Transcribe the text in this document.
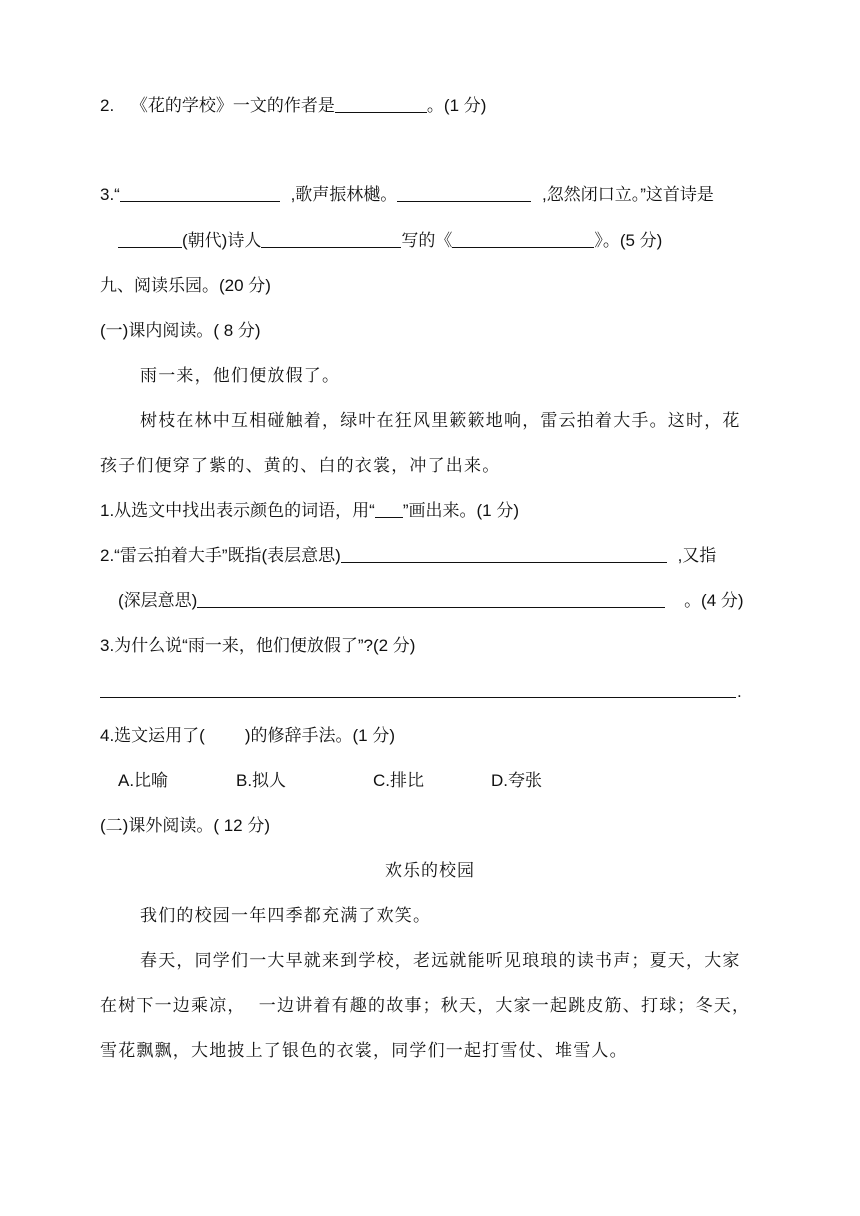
2. 《花的学校》一文的作者是	。(1 分)
3.“	,歌声振林樾。	,忽然闭口立。”这首诗是
(朝代)诗人	写的《	》。(5 分)
九、阅读乐园。(20 分)
(一)课内阅读。( 8 分)
雨一来，他们便放假了。
树枝在林中互相碰触着，绿叶在狂风里簌簌地响，雷云拍着大手。这时，花
孩子们便穿了紫的、黄的、白的衣裳，冲了出来。
1.从选文中找出表示颜色的词语，用“ ”画出来。(1 分)
2.“雷云拍着大手”既指(表层意思)	,又指
(深层意思)	。(4 分)
3.为什么说“雨一来，他们便放假了”?(2 分)
.
4.选文运用了( )的修辞手法。(1 分)
A.比喻	B.拟人	C.排比	D.夸张
(二)课外阅读。( 12 分)
欢乐的校园
我们的校园一年四季都充满了欢笑。
春天，同学们一大早就来到学校，老远就能听见琅琅的读书声；夏天，大家
在树下一边乘凉，  一边讲着有趣的故事；秋天，大家一起跳皮筋、打球；冬天，
雪花飘飘，大地披上了银色的衣裳，同学们一起打雪仗、堆雪人。
